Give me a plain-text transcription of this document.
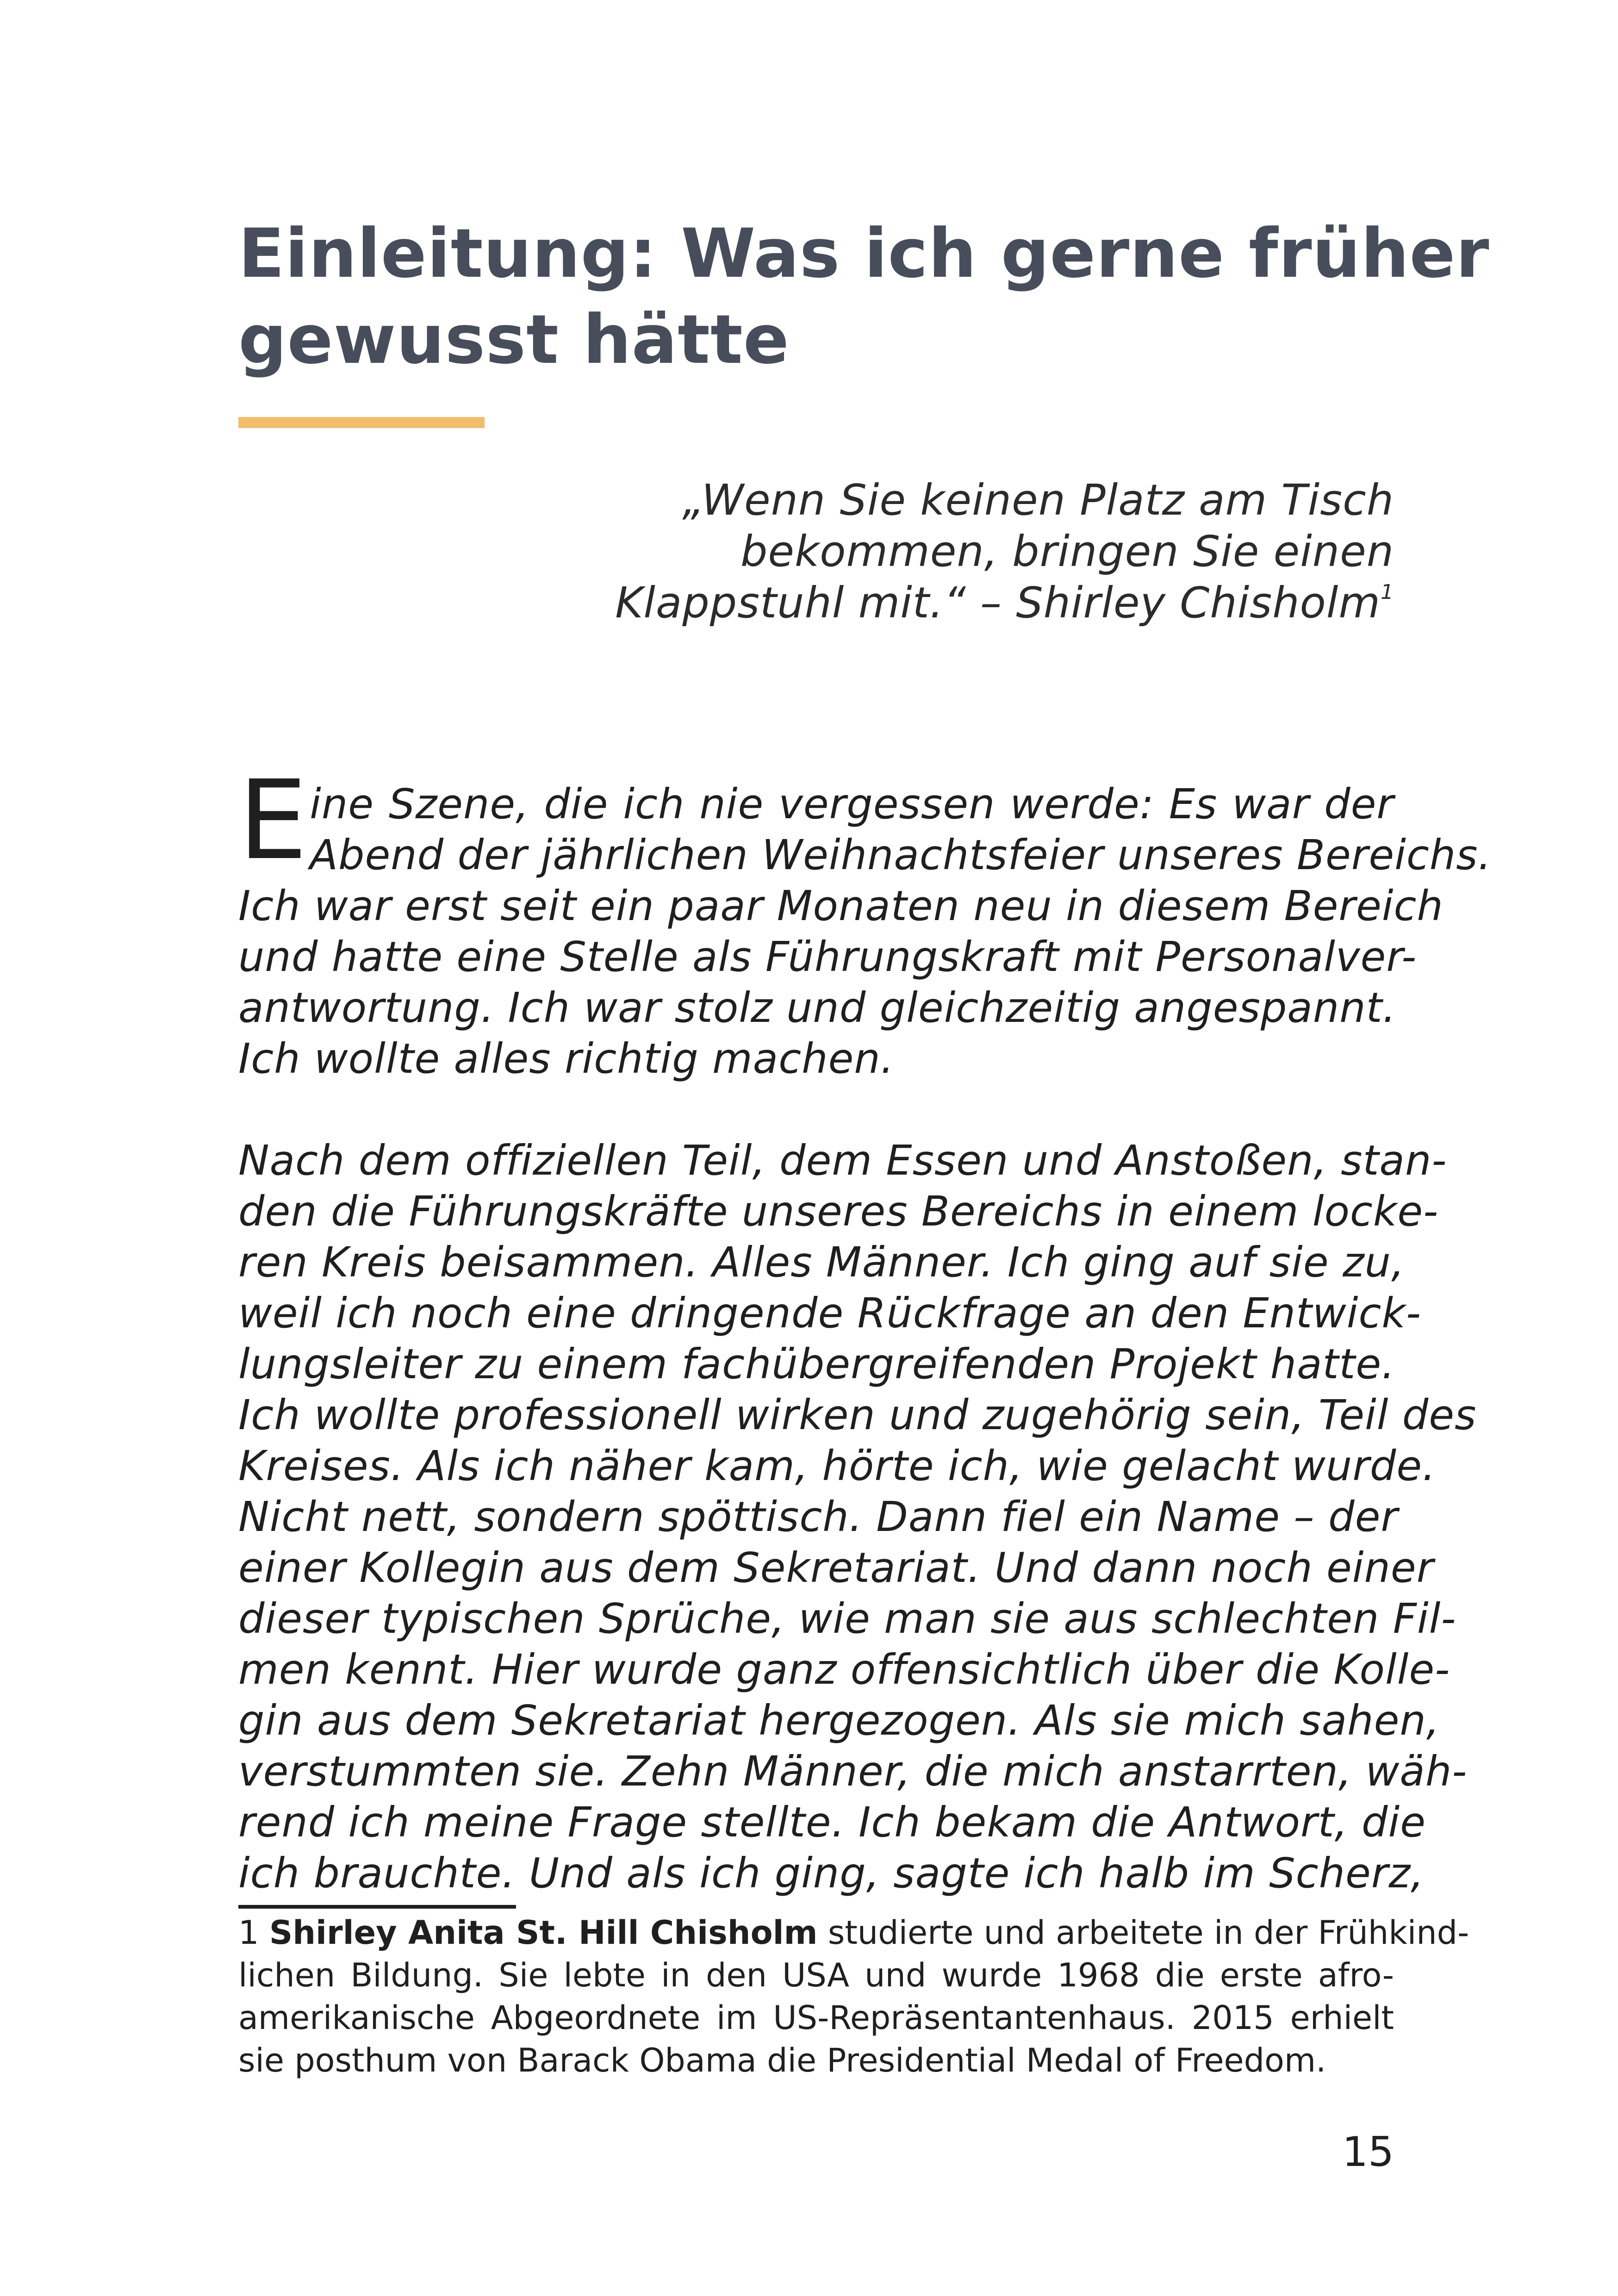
Einleitung: Was ich gerne früher
gewusst hätte

„Wenn Sie keinen Platz am Tisch
bekommen, bringen Sie einen
Klappstuhl mit.“ – Shirley Chisholm$^1$

E ine Szene, die ich nie vergessen werde: Es war der
Abend der jährlichen Weihnachtsfeier unseres Bereichs.
Ich war erst seit ein paar Monaten neu in diesem Bereich
und hatte eine Stelle als Führungskraft mit Personalver-
antwortung. Ich war stolz und gleichzeitig angespannt.
Ich wollte alles richtig machen.
Nach dem offiziellen Teil, dem Essen und Anstoßen, stan-
den die Führungskräfte unseres Bereichs in einem locke-
ren Kreis beisammen. Alles Männer. Ich ging auf sie zu,
weil ich noch eine dringende Rückfrage an den Entwick-
lungsleiter zu einem fachübergreifenden Projekt hatte.
Ich wollte professionell wirken und zugehörig sein, Teil des
Kreises. Als ich näher kam, hörte ich, wie gelacht wurde.
Nicht nett, sondern spöttisch. Dann fiel ein Name – der
einer Kollegin aus dem Sekretariat. Und dann noch einer
dieser typischen Sprüche, wie man sie aus schlechten Fil-
men kennt. Hier wurde ganz offensichtlich über die Kolle-
gin aus dem Sekretariat hergezogen. Als sie mich sahen,
verstummten sie. Zehn Männer, die mich anstarrten, wäh-
rend ich meine Frage stellte. Ich bekam die Antwort, die
ich brauchte. Und als ich ging, sagte ich halb im Scherz,
1 Shirley Anita St. Hill Chisholm studierte und arbeitete in der Frühkind-
lichen Bildung. Sie lebte in den USA und wurde 1968 die erste afro-
amerikanische Abgeordnete im US-Repräsentantenhaus. 2015 erhielt
sie posthum von Barack Obama die Presidential Medal of Freedom.
15
